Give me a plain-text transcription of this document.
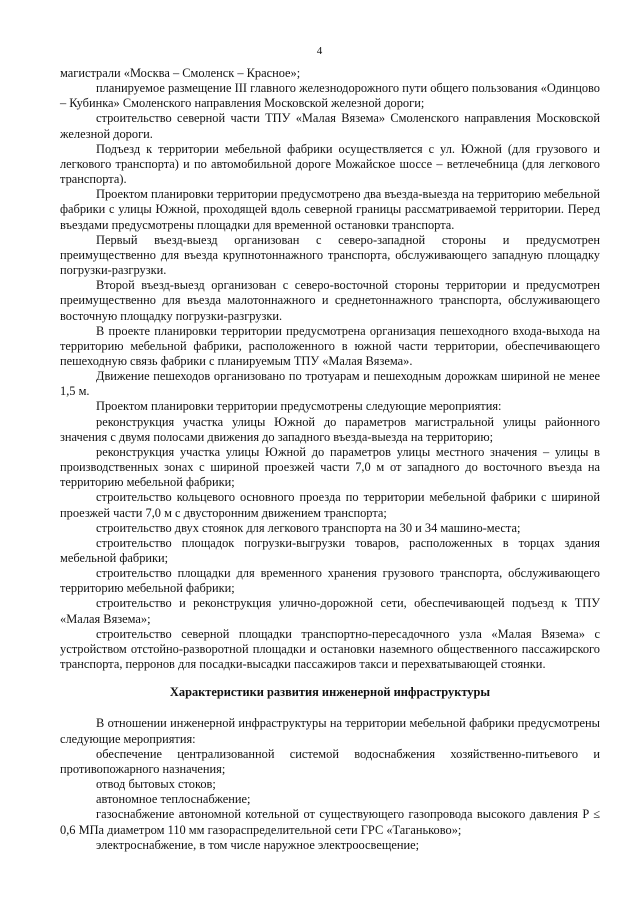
4

магистрали «Москва – Смоленск – Красное»;

планируемое размещение III главного железнодорожного пути общего пользования «Одинцово – Кубинка» Смоленского направления Московской железной дороги;

строительство северной части ТПУ «Малая Вязема» Смоленского направления Московской железной дороги.

Подъезд к территории мебельной фабрики осуществляется с ул. Южной (для грузового и легкового транспорта) и по автомобильной дороге Можайское шоссе – ветлечебница (для легкового транспорта).

Проектом планировки территории предусмотрено два въезда-выезда на территорию мебельной фабрики с улицы Южной, проходящей вдоль северной границы рассматриваемой территории. Перед въездами предусмотрены площадки для временной остановки транспорта.

Первый въезд-выезд организован с северо-западной стороны и предусмотрен преимущественно для въезда крупнотоннажного транспорта, обслуживающего западную площадку погрузки-разгрузки.

Второй въезд-выезд организован с северо-восточной стороны территории и предусмотрен преимущественно для въезда малотоннажного и среднетоннажного транспорта, обслуживающего восточную площадку погрузки-разгрузки.

В проекте планировки территории предусмотрена организация пешеходного входа-выхода на территорию мебельной фабрики, расположенного в южной части территории, обеспечивающего пешеходную связь фабрики с планируемым ТПУ «Малая Вязема».

Движение пешеходов организовано по тротуарам и пешеходным дорожкам шириной не менее 1,5 м.

Проектом планировки территории предусмотрены следующие мероприятия:

реконструкция участка улицы Южной до параметров магистральной улицы районного значения с двумя полосами движения до западного въезда-выезда на территорию;

реконструкция участка улицы Южной до параметров улицы местного значения – улицы в производственных зонах с шириной проезжей части 7,0 м от западного до восточного въезда на территорию мебельной фабрики;

строительство кольцевого основного проезда по территории мебельной фабрики с шириной проезжей части 7,0 м с двусторонним движением транспорта;

строительство двух стоянок для легкового транспорта на 30 и 34 машино-места;

строительство площадок погрузки-выгрузки товаров, расположенных в торцах здания мебельной фабрики;

строительство площадки для временного хранения грузового транспорта, обслуживающего территорию мебельной фабрики;

строительство и реконструкция улично-дорожной сети, обеспечивающей подъезд к ТПУ «Малая Вязема»;

строительство северной площадки транспортно-пересадочного узла «Малая Вязема» с устройством отстойно-разворотной площадки и остановки наземного общественного пассажирского транспорта, перронов для посадки-высадки пассажиров такси и перехватывающей стоянки.

Характеристики развития инженерной инфраструктуры

В отношении инженерной инфраструктуры на территории мебельной фабрики предусмотрены следующие мероприятия:

обеспечение централизованной системой водоснабжения хозяйственно-питьевого и противопожарного назначения;

отвод бытовых стоков;

автономное теплоснабжение;

газоснабжение автономной котельной от существующего газопровода высокого давления P ≤ 0,6 МПа диаметром 110 мм газораспределительной сети ГРС «Таганьково»;

электроснабжение, в том числе наружное электроосвещение;
